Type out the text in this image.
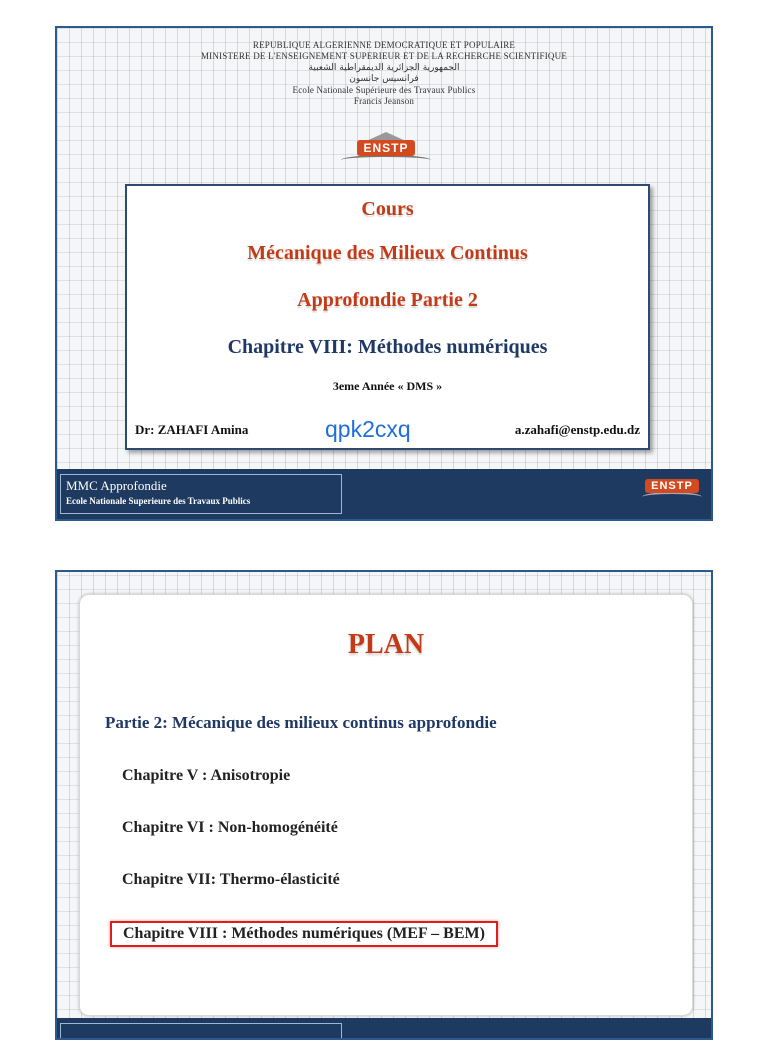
REPUBLIQUE ALGERIENNE DEMOCRATIQUE ET POPULAIRE
MINISTERE DE L'ENSEIGNEMENT SUPERIEUR ET DE LA RECHERCHE SCIENTIFIQUE
الجمهورية الجزائرية الديمقراطية الشعبية
فرانسيس جانسون
Ecole Nationale Supérieure des Travaux Publics
Francis Jeanson
ENSTP
Cours
Mécanique des Milieux Continus
Approfondie Partie 2
Chapitre VIII: Méthodes numériques
3eme Année « DMS »
Dr: ZAHAFI Amina	qpk2cxq	a.zahafi@enstp.edu.dz
MMC Approfondie
Ecole Nationale Superieure des Travaux Publics
ENSTP
PLAN
Partie 2: Mécanique des milieux continus approfondie
Chapitre V : Anisotropie
Chapitre VI : Non-homogénéité
Chapitre VII: Thermo-élasticité
Chapitre VIII : Méthodes numériques (MEF – BEM)
